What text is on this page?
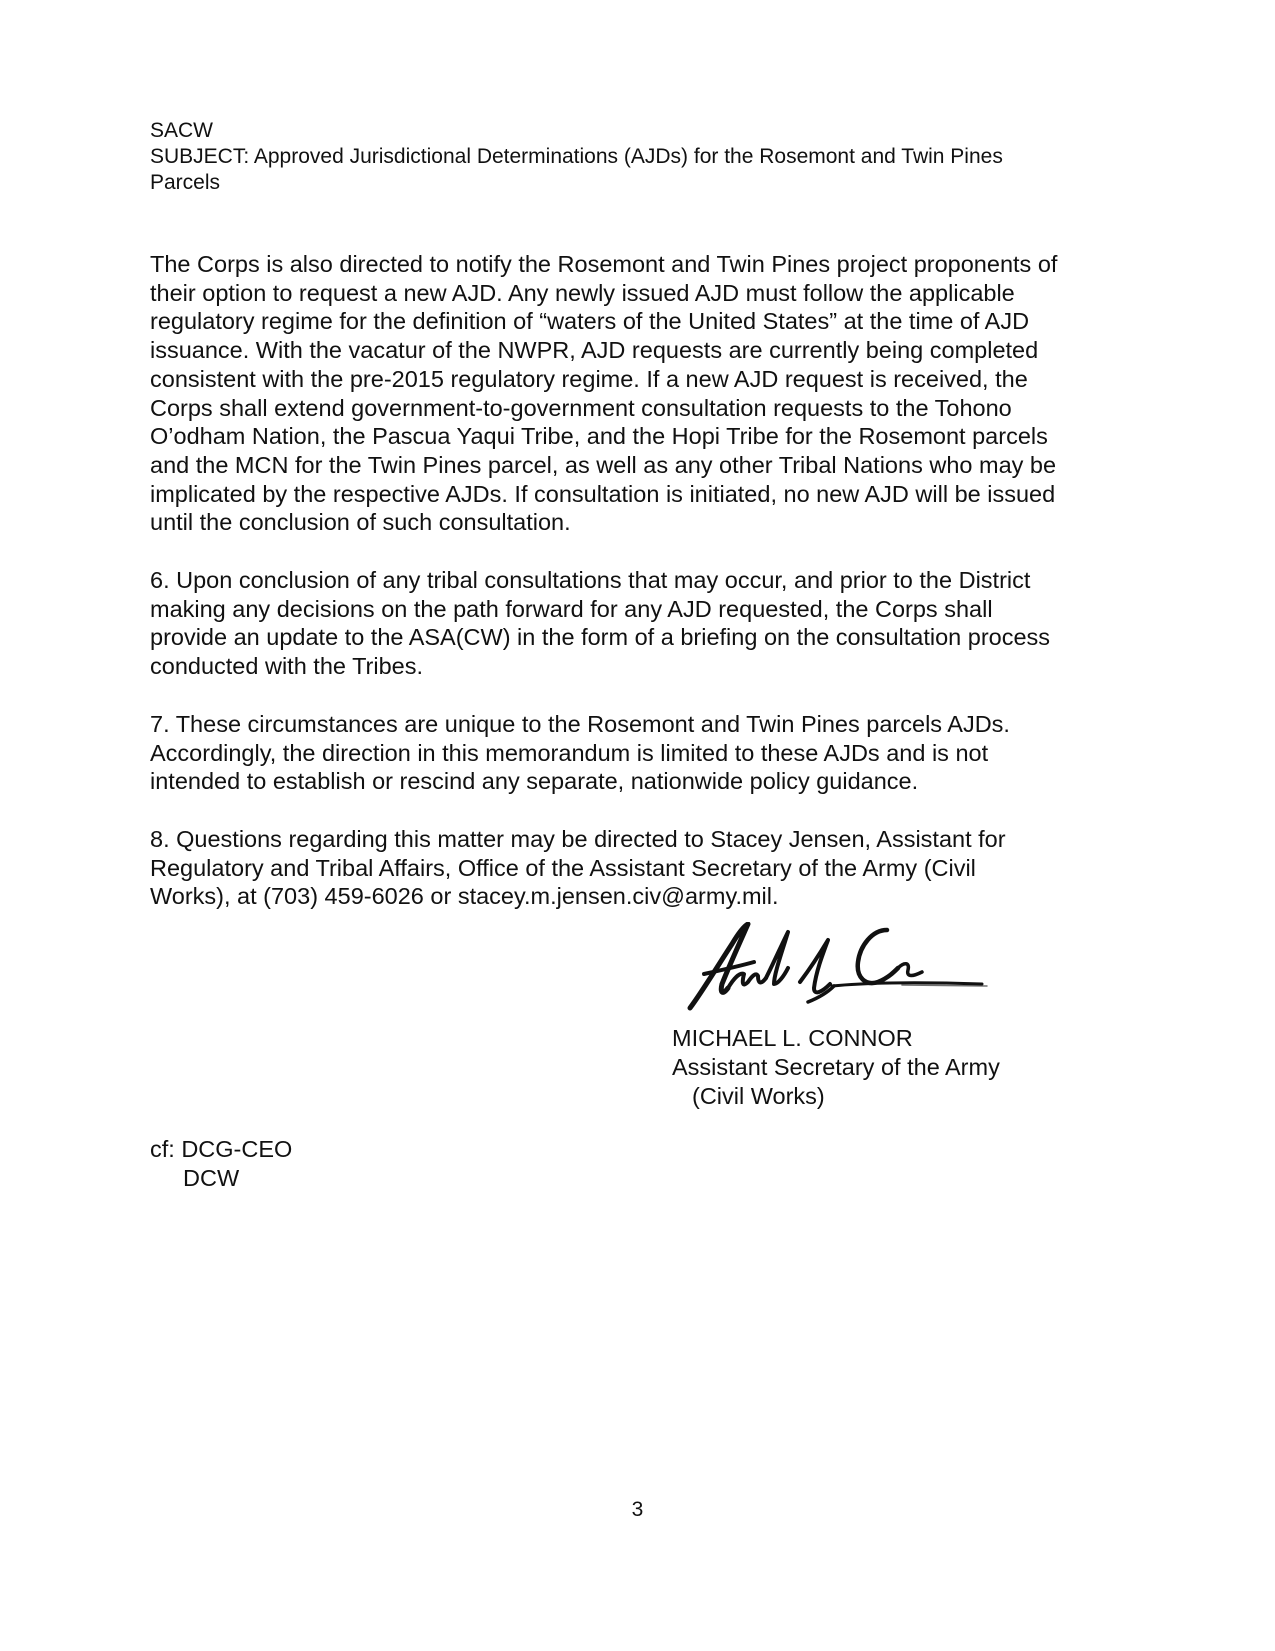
SACW
SUBJECT: Approved Jurisdictional Determinations (AJDs) for the Rosemont and Twin Pines
Parcels

The Corps is also directed to notify the Rosemont and Twin Pines project proponents of
their option to request a new AJD. Any newly issued AJD must follow the applicable
regulatory regime for the definition of “waters of the United States” at the time of AJD
issuance. With the vacatur of the NWPR, AJD requests are currently being completed
consistent with the pre-2015 regulatory regime. If a new AJD request is received, the
Corps shall extend government-to-government consultation requests to the Tohono
O’odham Nation, the Pascua Yaqui Tribe, and the Hopi Tribe for the Rosemont parcels
and the MCN for the Twin Pines parcel, as well as any other Tribal Nations who may be
implicated by the respective AJDs. If consultation is initiated, no new AJD will be issued
until the conclusion of such consultation.

6. Upon conclusion of any tribal consultations that may occur, and prior to the District
making any decisions on the path forward for any AJD requested, the Corps shall
provide an update to the ASA(CW) in the form of a briefing on the consultation process
conducted with the Tribes.

7. These circumstances are unique to the Rosemont and Twin Pines parcels AJDs.
Accordingly, the direction in this memorandum is limited to these AJDs and is not
intended to establish or rescind any separate, nationwide policy guidance.

8. Questions regarding this matter may be directed to Stacey Jensen, Assistant for
Regulatory and Tribal Affairs, Office of the Assistant Secretary of the Army (Civil
Works), at (703) 459-6026 or stacey.m.jensen.civ@army.mil.

MICHAEL L. CONNOR
Assistant Secretary of the Army
(Civil Works)
cf: DCG-CEO
DCW
3
